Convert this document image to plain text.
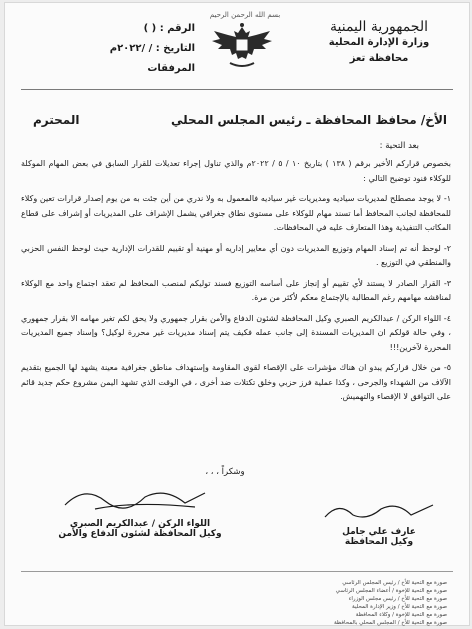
الجمهورية اليمنية
وزارة الإدارة المحلية
محافظة تعز
بسم الله الرحمن الرحيم
الرقم : ( )
التاريخ : / /٢٠٢٢م
المرفقات
الأخ/ محافظ المحافظة ـ رئيس المجلس المحلي
المحترم
بعد التحية :

بخصوص قراركم الأخير برقم ( ١٣٨ ) بتاريخ ١٠ / ٥ / ٢٠٢٢م والذي تناول إجراء تعديلات للقرار السابق في بعض المهام الموكلة للوكلاء فنود توضيح التالي :

١- لا يوجد مصطلح لمديريات سياديه ومديريات غير سياديه فالمعمول به ولا ندري من أين جئت به من يوم إصدار قرارات تعين وكلاء للمحافظة لجانب المحافظ أما تسند مهام للوكلاء على مستوى نطاق جغرافي يشمل الإشراف على المديريات أو إشراف على قطاع المكاتب التنفيذية وهذا المتعارف عليه في المحافظات.

٢- لوحظ أنه تم إسناد المهام وتوزيع المديريات دون أي معايير إداريه أو مهنية أو تقييم للقدرات الإدارية حيث لوحظ النفس الحزبي والمنطقي في التوزيع .

٣- القرار الصادر لا يستند لأي تقييم أو إنجاز على أساسه التوزيع فسند توليكم لمنصب المحافظ لم تعقد اجتماع واحد مع الوكلاء لمناقشه مهامهم رغم المطالبة بالإجتماع معكم لأكثر من مرة.

٤- اللواء الركن / عبدالكريم الصبري وكيل المحافظة لشئون الدفاع والأمن بقرار جمهوري ولا يحق لكم تغير مهامه الا بقرار جمهوري ، وفي حالة قولكم ان المديريات المسندة إلى جانب عمله فكيف يتم إسناد مديريات غير محررة لوكيل؟ وإسناد جميع المديريات المحررة لآخرين!!!

٥- من خلال قراركم يبدو ان هناك مؤشرات على الإقصاء لقوى المقاومة وإستهداف مناطق جغرافية معينة يشهد لها الجميع بتقديم الآلاف من الشهداء والجرحى ، وكذا عملية فرز حزبي وخلق تكتلات ضد أخرى ، في الوقت الذي تشهد اليمن مشروع حكم جديد قائم على التوافق لا الإقصاء والتهميش.

وشكراً ، ، ،
اللواء الركن / عبدالكريم الصبري
وكيل المحافظة لشئون الدفاع والأمن	عارف علي جامل
وكيل المحافظة
صورة مع التحية للأخ / رئيس المجلس الرئاسي
صورة مع التحية للإخوة / أعضاء المجلس الرئاسي
صورة مع التحية للأخ / رئيس مجلس الوزراء
صورة مع التحية للأخ / وزير الإدارة المحلية
صورة مع التحية للإخوة / وكلاء المحافظة
صورة مع التحية للأخ / المجلس المحلي بالمحافظة
